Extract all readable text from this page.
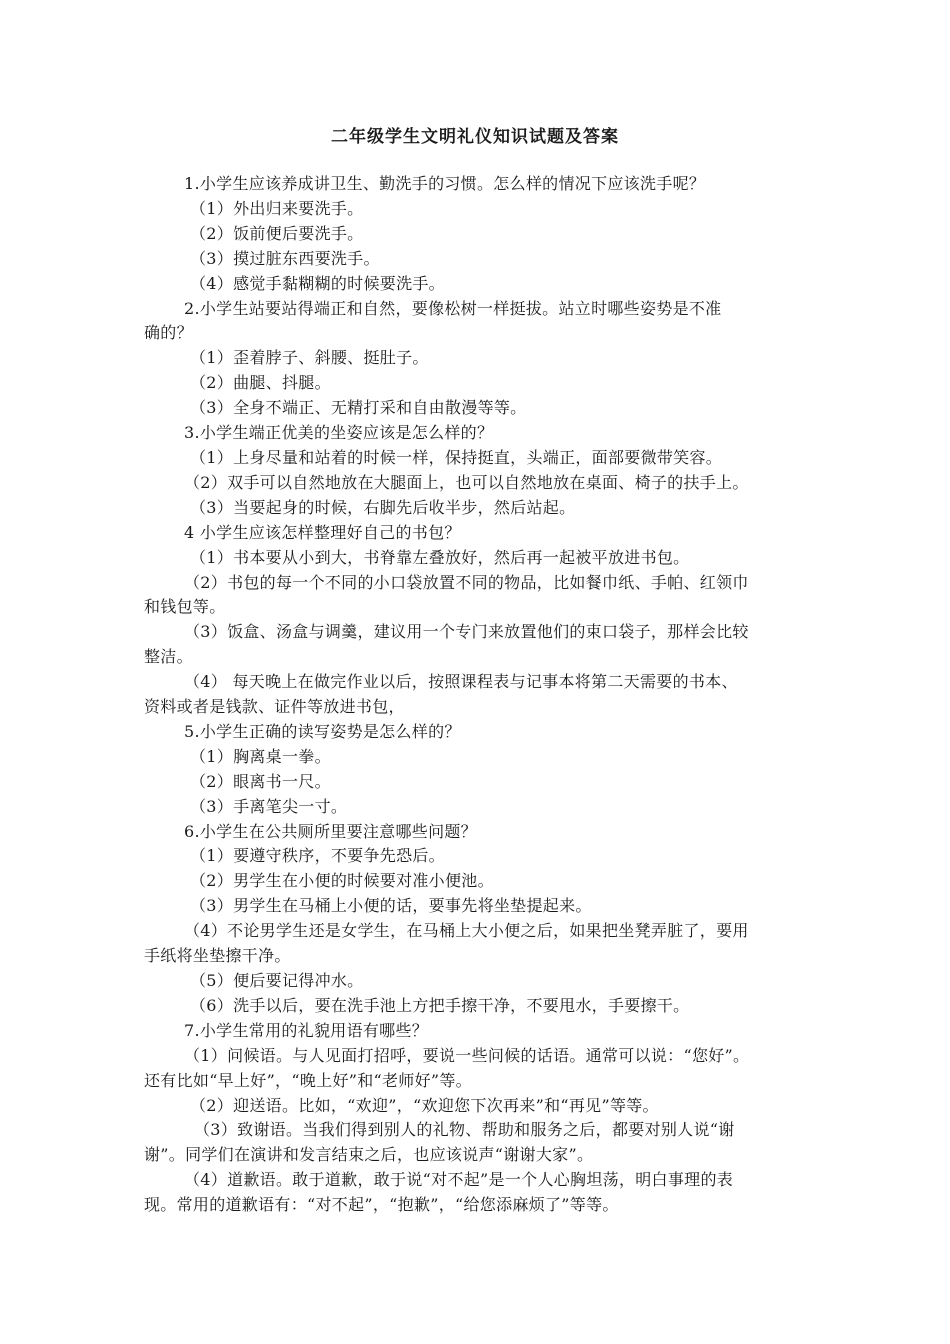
二年级学生文明礼仪知识试题及答案

1.小学生应该养成讲卫生、勤洗手的习惯。怎么样的情况下应该洗手呢？

（1）外出归来要洗手。

（2）饭前便后要洗手。

（3）摸过脏东西要洗手。

（4）感觉手黏糊糊的时候要洗手。

2.小学生站要站得端正和自然，要像松树一样挺拔。站立时哪些姿势是不准

确的？

（1）歪着脖子、斜腰、挺肚子。

（2）曲腿、抖腿。

（3）全身不端正、无精打采和自由散漫等等。

3.小学生端正优美的坐姿应该是怎么样的？

（1）上身尽量和站着的时候一样，保持挺直，头端正，面部要微带笑容。

（2）双手可以自然地放在大腿面上，也可以自然地放在桌面、椅子的扶手上。

（3）当要起身的时候，右脚先后收半步，然后站起。

4 小学生应该怎样整理好自己的书包？

（1）书本要从小到大，书脊靠左叠放好，然后再一起被平放进书包。

（2）书包的每一个不同的小口袋放置不同的物品，比如餐巾纸、手帕、红领巾

和钱包等。

（3）饭盒、汤盒与调羹，建议用一个专门来放置他们的束口袋子，那样会比较

整洁。

（4） 每天晚上在做完作业以后，按照课程表与记事本将第二天需要的书本、

资料或者是钱款、证件等放进书包，

5.小学生正确的读写姿势是怎么样的？

（1）胸离桌一拳。

（2）眼离书一尺。

（3）手离笔尖一寸。

6.小学生在公共厕所里要注意哪些问题？

（1）要遵守秩序，不要争先恐后。

（2）男学生在小便的时候要对准小便池。

（3）男学生在马桶上小便的话，要事先将坐垫提起来。

（4）不论男学生还是女学生，在马桶上大小便之后，如果把坐凳弄脏了，要用

手纸将坐垫擦干净。

（5）便后要记得冲水。

（6）洗手以后，要在洗手池上方把手擦干净，不要甩水，手要擦干。

7.小学生常用的礼貌用语有哪些？

（1）问候语。与人见面打招呼，要说一些问候的话语。通常可以说：“您好”。

还有比如“早上好”，“晚上好”和“老师好”等。

（2）迎送语。比如，“欢迎”，“欢迎您下次再来”和“再见”等等。

（3）致谢语。当我们得到别人的礼物、帮助和服务之后，都要对别人说“谢

谢”。同学们在演讲和发言结束之后，也应该说声“谢谢大家”。

（4）道歉语。敢于道歉，敢于说“对不起”是一个人心胸坦荡，明白事理的表

现。常用的道歉语有：“对不起”，“抱歉”，“给您添麻烦了”等等。
